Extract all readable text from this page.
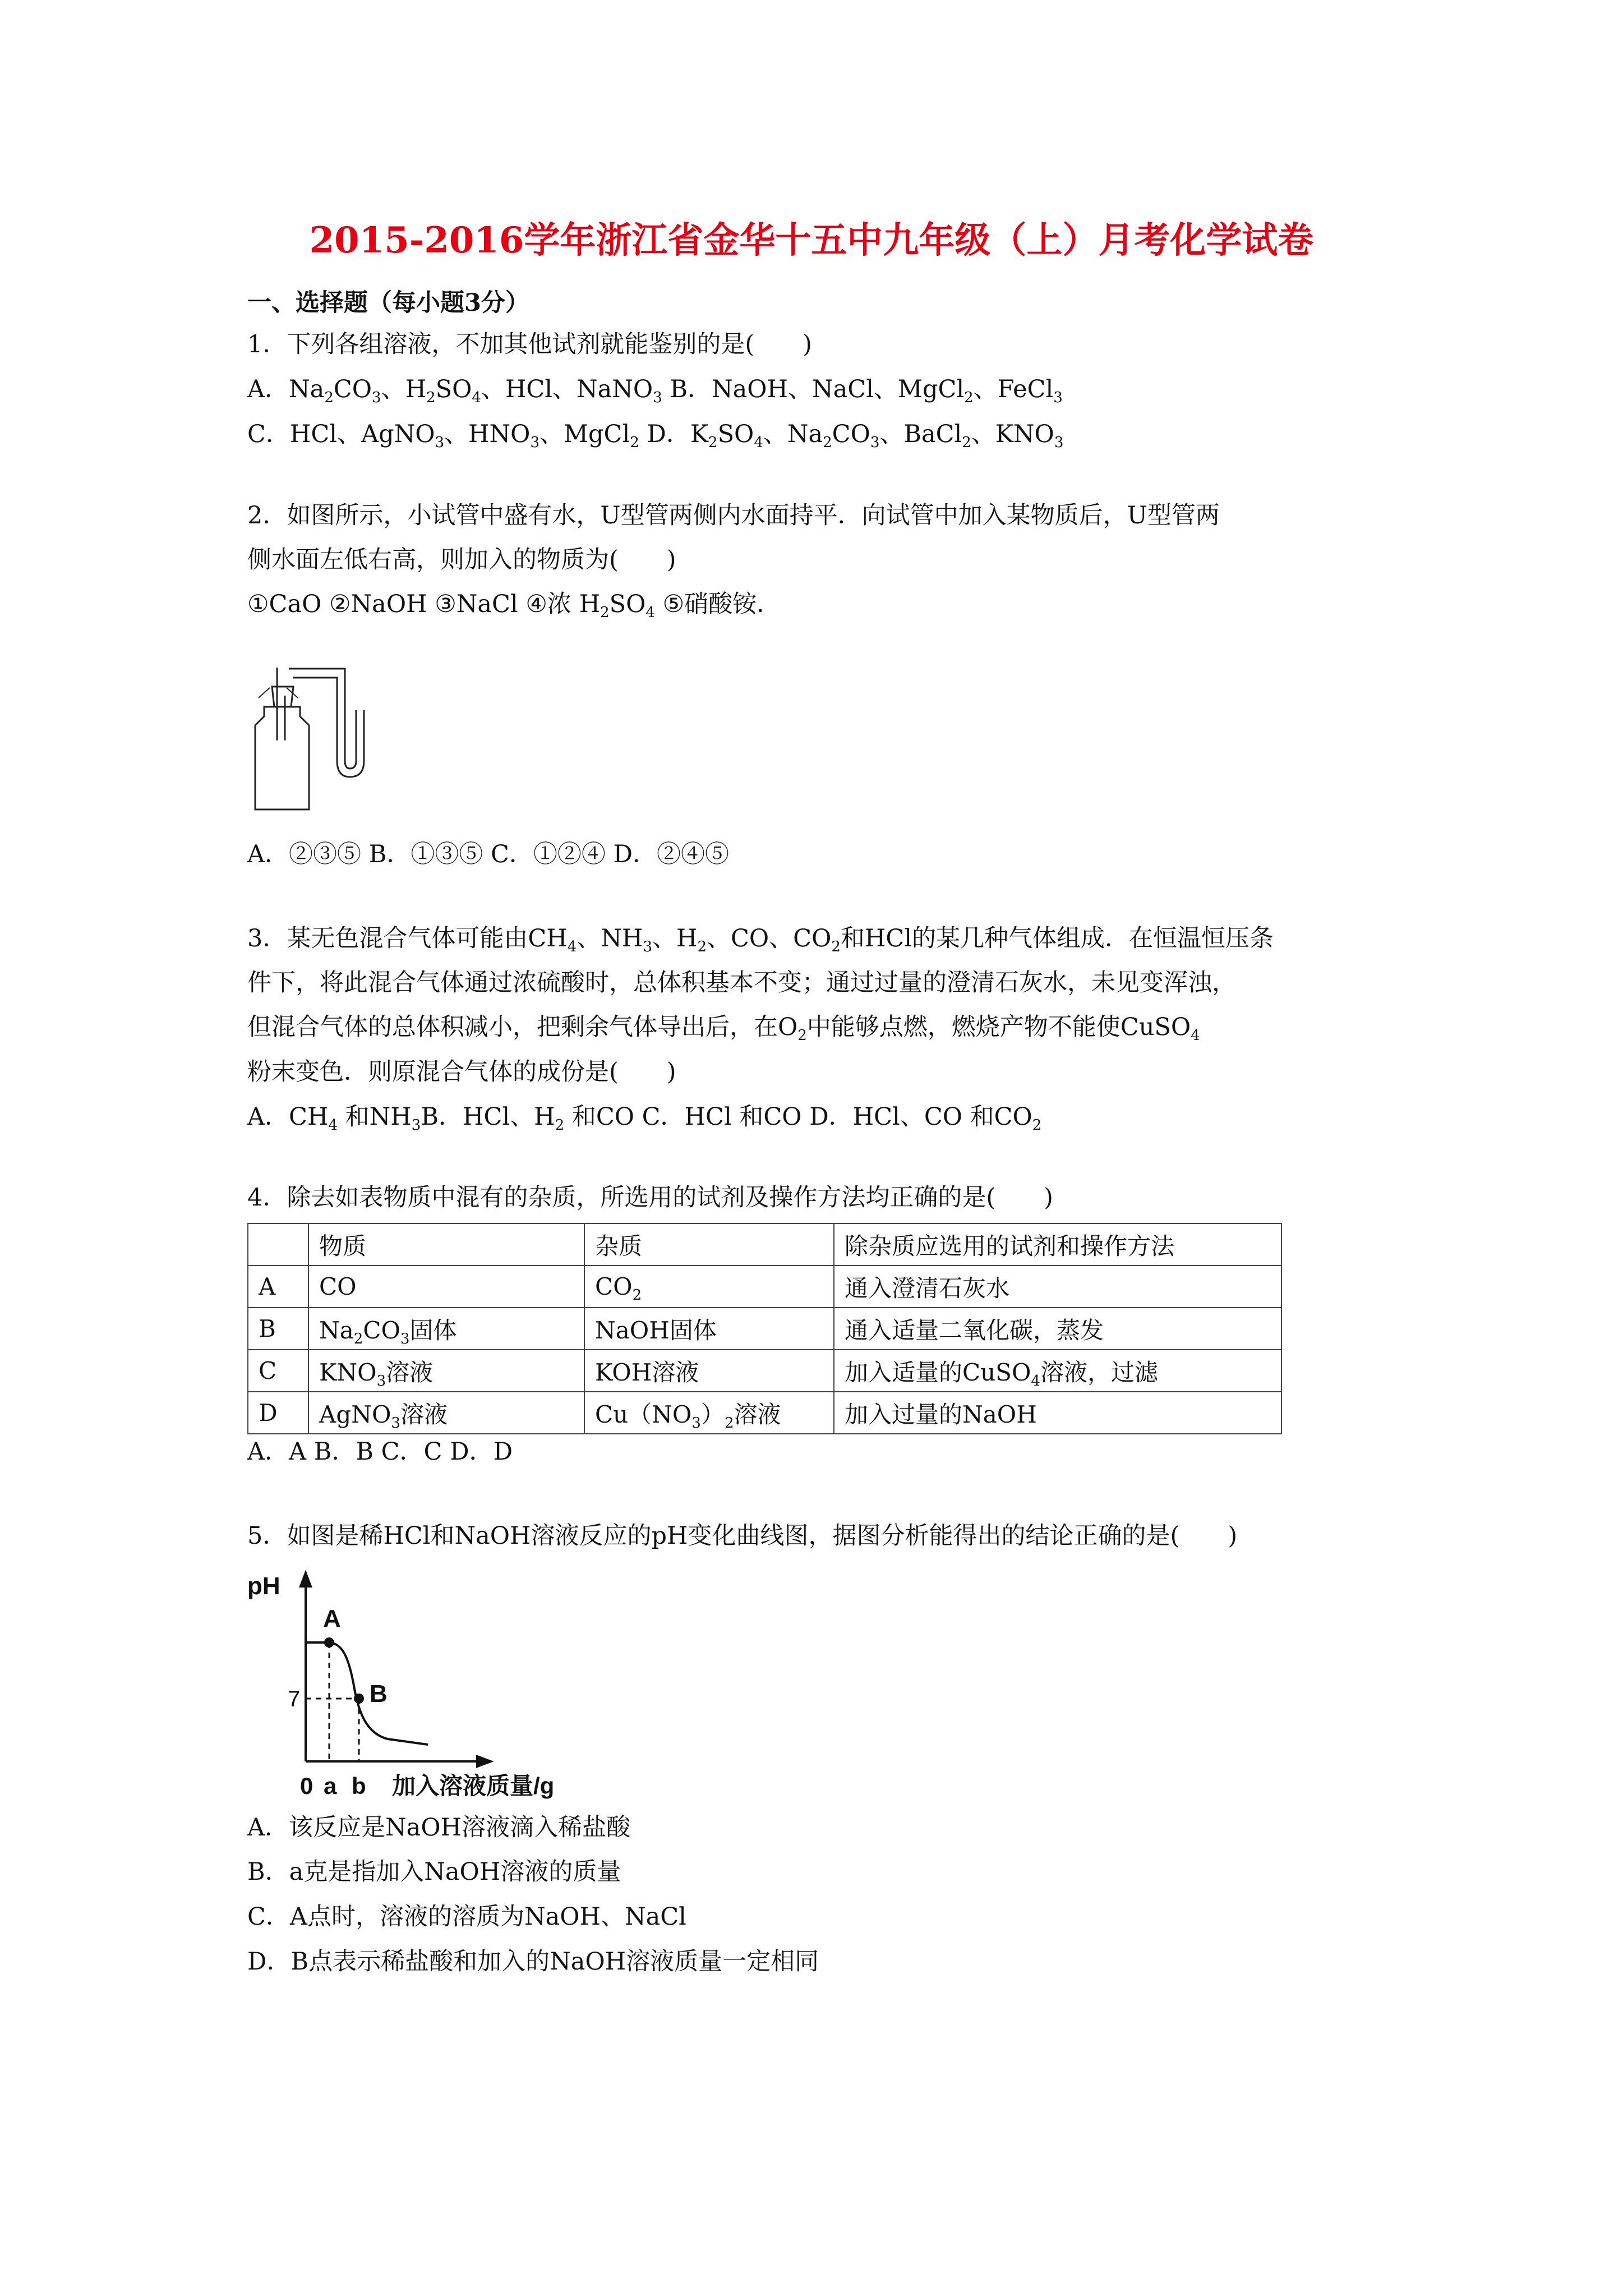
2015-2016学年浙江省金华十五中九年级（上）月考化学试卷

一、选择题（每小题3分）

1．下列各组溶液，不加其他试剂就能鉴别的是(　　)

A．$Na_2CO_3$、$H_2SO_4$、HCl、NaNO$_3$ B．NaOH、NaCl、MgCl$_2$、FeCl$_3$

C．HCl、AgNO$_3$、$HNO_3$、MgCl$_2$ D．$K_2SO_4$、$Na_2CO_3$、BaCl$_2$、$KNO_3$

2．如图所示，小试管中盛有水，U型管两侧内水面持平．向试管中加入某物质后，U型管两

侧水面左低右高，则加入的物质为(　　)

①CaO ②NaOH ③NaCl ④浓 $H_2SO_4$ ⑤硝酸铵．

A．②③⑤ B．①③⑤ C．①②④ D．②④⑤

3．某无色混合气体可能由$CH_4$、$NH_3$、$H_2$、CO、$CO_2$和HCl的某几种气体组成．在恒温恒压条

件下，将此混合气体通过浓硫酸时，总体积基本不变；通过过量的澄清石灰水，未见变浑浊，

但混合气体的总体积减小，把剩余气体导出后，在$O_2$中能够点燃，燃烧产物不能使CuSO$_4$

粉末变色．则原混合气体的成份是(　　)

A．$CH_4$ 和$NH_3B$．HCl、$H_2$ 和CO C．HCl 和CO D．HCl、CO 和$CO_2$

4．除去如表物质中混有的杂质，所选用的试剂及操作方法均正确的是(　　)

	物质	杂质	除杂质应选用的试剂和操作方法
A	CO	$CO_2$	通入澄清石灰水
B	$Na_2CO_3$固体	NaOH固体	通入适量二氧化碳，蒸发
C	$KNO_3$溶液	KOH溶液	加入适量的CuSO$_4$溶液，过滤
D	AgNO$_3$溶液	$Cu(NO_3)_2$溶液	加入过量的NaOH

A．A B．B C．C D．D

5．如图是稀HCl和NaOH溶液反应的pH变化曲线图，据图分析能得出的结论正确的是(　　)

pH
A
B
7
0 a b 加入溶液质量/g

A．该反应是NaOH溶液滴入稀盐酸

B．a克是指加入NaOH溶液的质量

C．A点时，溶液的溶质为NaOH、NaCl

D．B点表示稀盐酸和加入的NaOH溶液质量一定相同
